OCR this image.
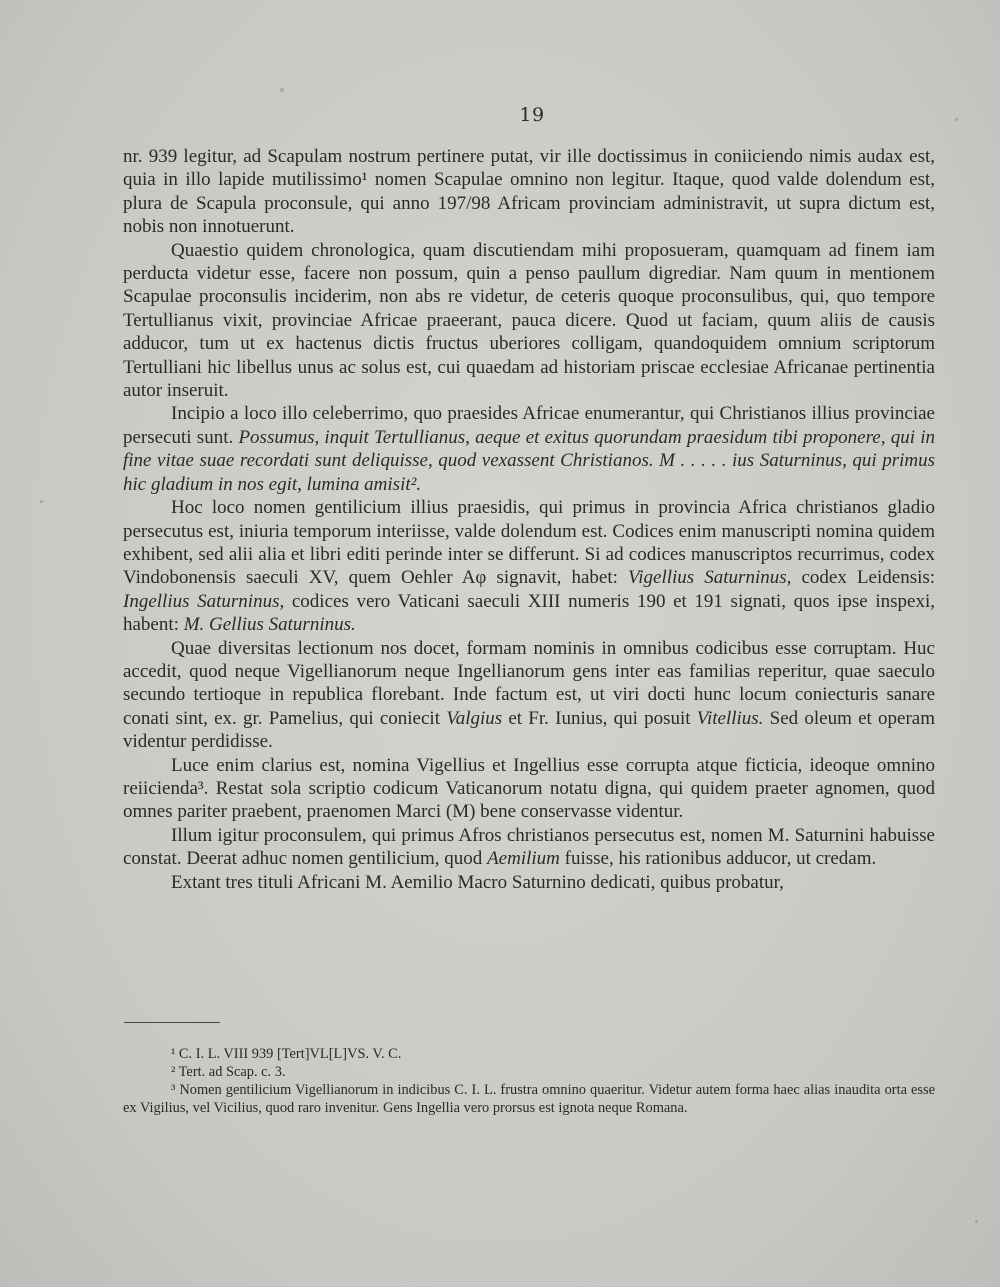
19

nr. 939 legitur, ad Scapulam nostrum pertinere putat, vir ille doctissimus in coniiciendo nimis audax est, quia in illo lapide mutilissimo¹ nomen Scapulae omnino non legitur. Itaque, quod valde dolendum est, plura de Scapula proconsule, qui anno 197/98 Africam provinciam administravit, ut supra dictum est, nobis non innotuerunt.

Quaestio quidem chronologica, quam discutiendam mihi proposueram, quamquam ad finem iam perducta videtur esse, facere non possum, quin a penso paullum digrediar. Nam quum in mentionem Scapulae proconsulis inciderim, non abs re videtur, de ceteris quoque proconsulibus, qui, quo tempore Tertullianus vixit, provinciae Africae praeerant, pauca dicere. Quod ut faciam, quum aliis de causis adducor, tum ut ex hactenus dictis fructus uberiores colligam, quandoquidem omnium scriptorum Tertulliani hic libellus unus ac solus est, cui quaedam ad historiam priscae ecclesiae Africanae pertinentia autor inseruit.

Incipio a loco illo celeberrimo, quo praesides Africae enumerantur, qui Christianos illius provinciae persecuti sunt. Possumus, inquit Tertullianus, aeque et exitus quorundam praesidum tibi proponere, qui in fine vitae suae recordati sunt deliquisse, quod vexassent Christianos. M . . . . . ius Saturninus, qui primus hic gladium in nos egit, lumina amisit².

Hoc loco nomen gentilicium illius praesidis, qui primus in provincia Africa christianos gladio persecutus est, iniuria temporum interiisse, valde dolendum est. Codices enim manuscripti nomina quidem exhibent, sed alii alia et libri editi perinde inter se differunt. Si ad codices manuscriptos recurrimus, codex Vindobonensis saeculi XV, quem Oehler Aφ signavit, habet: Vigellius Saturninus, codex Leidensis: Ingellius Saturninus, codices vero Vaticani saeculi XIII numeris 190 et 191 signati, quos ipse inspexi, habent: M. Gellius Saturninus.

Quae diversitas lectionum nos docet, formam nominis in omnibus codicibus esse corruptam. Huc accedit, quod neque Vigellianorum neque Ingellianorum gens inter eas familias reperitur, quae saeculo secundo tertioque in republica florebant. Inde factum est, ut viri docti hunc locum coniecturis sanare conati sint, ex. gr. Pamelius, qui coniecit Valgius et Fr. Iunius, qui posuit Vitellius. Sed oleum et operam videntur perdidisse.

Luce enim clarius est, nomina Vigellius et Ingellius esse corrupta atque ficticia, ideoque omnino reiicienda³. Restat sola scriptio codicum Vaticanorum notatu digna, qui quidem praeter agnomen, quod omnes pariter praebent, praenomen Marci (M) bene conservasse videntur.

Illum igitur proconsulem, qui primus Afros christianos persecutus est, nomen M. Saturnini habuisse constat. Deerat adhuc nomen gentilicium, quod Aemilium fuisse, his rationibus adducor, ut credam.

Extant tres tituli Africani M. Aemilio Macro Saturnino dedicati, quibus probatur,

¹ C. I. L. VIII 939 [Tert]VL[L]VS. V. C.

² Tert. ad Scap. c. 3.

³ Nomen gentilicium Vigellianorum in indicibus C. I. L. frustra omnino quaeritur. Videtur autem forma haec alias inaudita orta esse ex Vigilius, vel Vicilius, quod raro invenitur. Gens Ingellia vero prorsus est ignota neque Romana.
